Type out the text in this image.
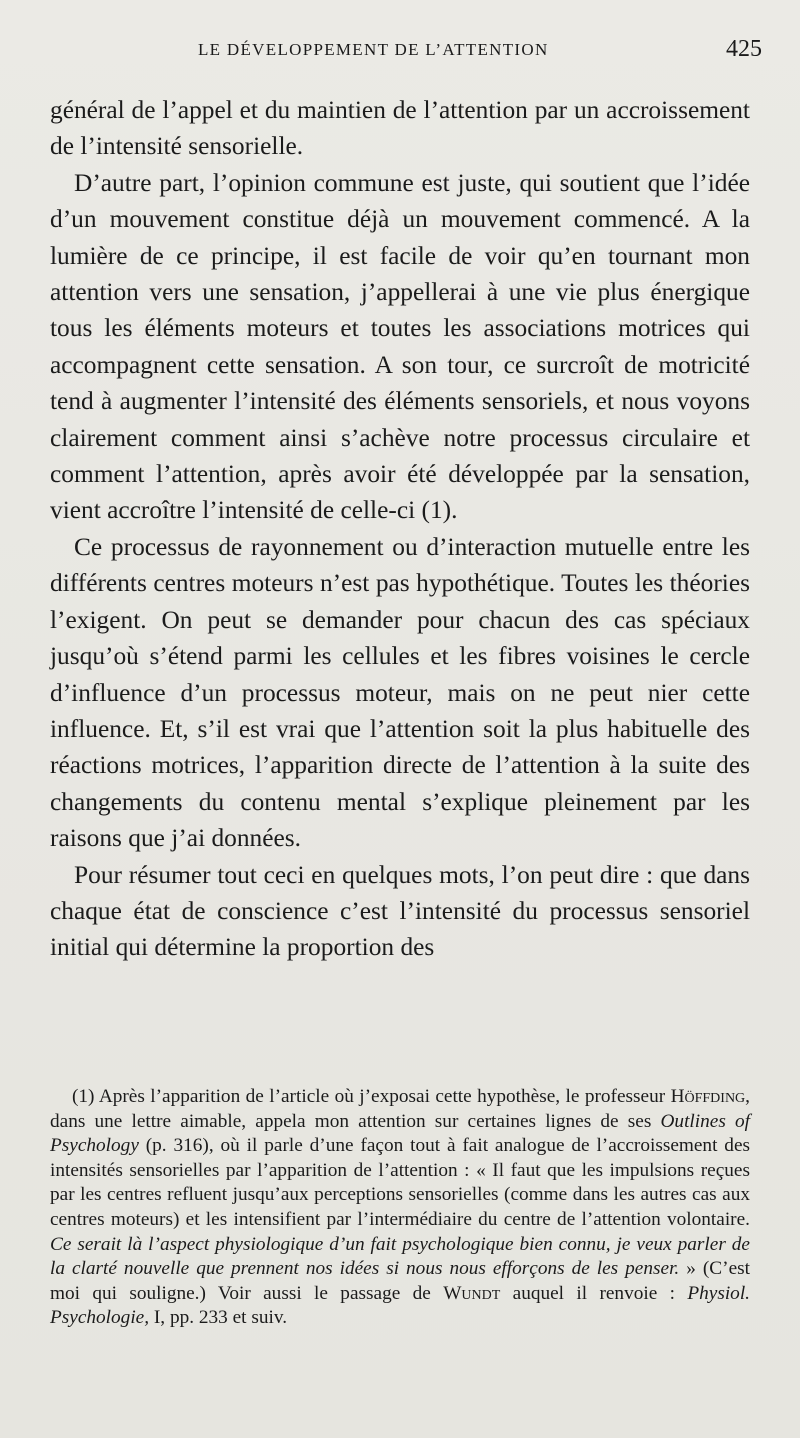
LE DÉVELOPPEMENT DE L’ATTENTION	425

général de l’appel et du maintien de l’attention par un accroissement de l’intensité sensorielle.

D’autre part, l’opinion commune est juste, qui soutient que l’idée d’un mouvement constitue déjà un mouvement commencé. A la lumière de ce principe, il est facile de voir qu’en tournant mon attention vers une sensation, j’appellerai à une vie plus énergique tous les éléments moteurs et toutes les associations motrices qui accompagnent cette sensation. A son tour, ce surcroît de motricité tend à augmenter l’intensité des éléments sensoriels, et nous voyons clairement comment ainsi s’achève notre processus circulaire et comment l’attention, après avoir été développée par la sensation, vient accroître l’intensité de celle-ci (1).

Ce processus de rayonnement ou d’interaction mutuelle entre les différents centres moteurs n’est pas hypothétique. Toutes les théories l’exigent. On peut se demander pour chacun des cas spéciaux jusqu’où s’étend parmi les cellules et les fibres voisines le cercle d’influence d’un processus moteur, mais on ne peut nier cette influence. Et, s’il est vrai que l’attention soit la plus habituelle des réactions motrices, l’apparition directe de l’attention à la suite des changements du contenu mental s’explique pleinement par les raisons que j’ai données.

Pour résumer tout ceci en quelques mots, l’on peut dire : que dans chaque état de conscience c’est l’intensité du processus sensoriel initial qui détermine la proportion des

(1) Après l’apparition de l’article où j’exposai cette hypothèse, le professeur Höffding, dans une lettre aimable, appela mon attention sur certaines lignes de ses Outlines of Psychology (p. 316), où il parle d’une façon tout à fait analogue de l’accroissement des intensités sensorielles par l’apparition de l’attention : « Il faut que les impulsions reçues par les centres refluent jusqu’aux perceptions sensorielles (comme dans les autres cas aux centres moteurs) et les intensifient par l’intermédiaire du centre de l’attention volontaire. Ce serait là l’aspect physiologique d’un fait psychologique bien connu, je veux parler de la clarté nouvelle que prennent nos idées si nous nous efforçons de les penser. » (C’est moi qui souligne.) Voir aussi le passage de Wundt auquel il renvoie : Physiol. Psychologie, I, pp. 233 et suiv.
